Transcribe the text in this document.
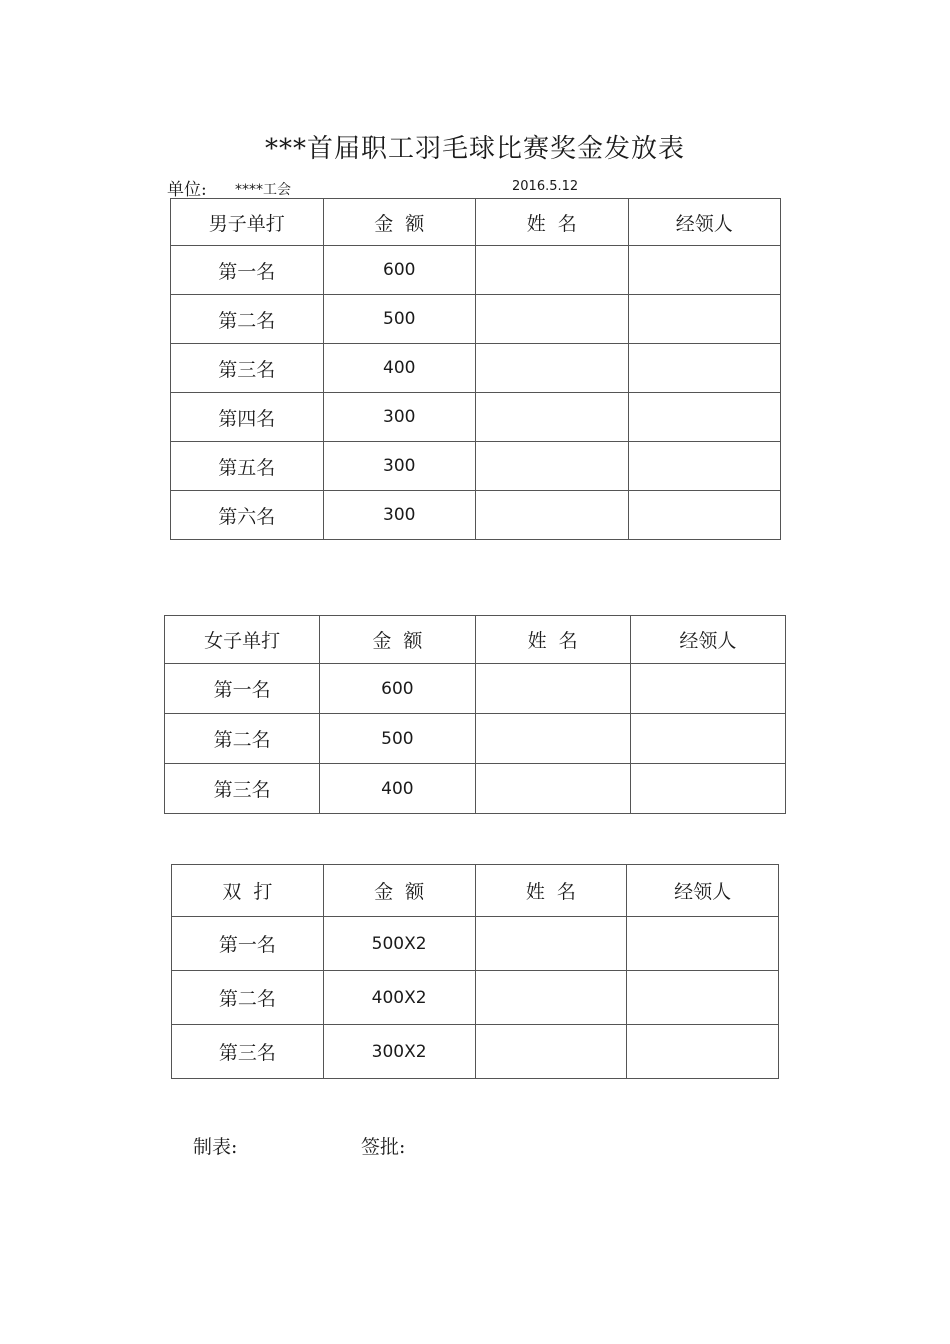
***首届职工羽毛球比赛奖金发放表
单位: ****工会	2016.5.12
男子单打	金  额	姓  名	经领人
第一名	600		
第二名	500		
第三名	400		
第四名	300		
第五名	300		
第六名	300		
女子单打	金  额	姓  名	经领人
第一名	600		
第二名	500		
第三名	400		
双  打	金  额	姓  名	经领人
第一名	500X2		
第二名	400X2		
第三名	300X2		
制表:	签批:
